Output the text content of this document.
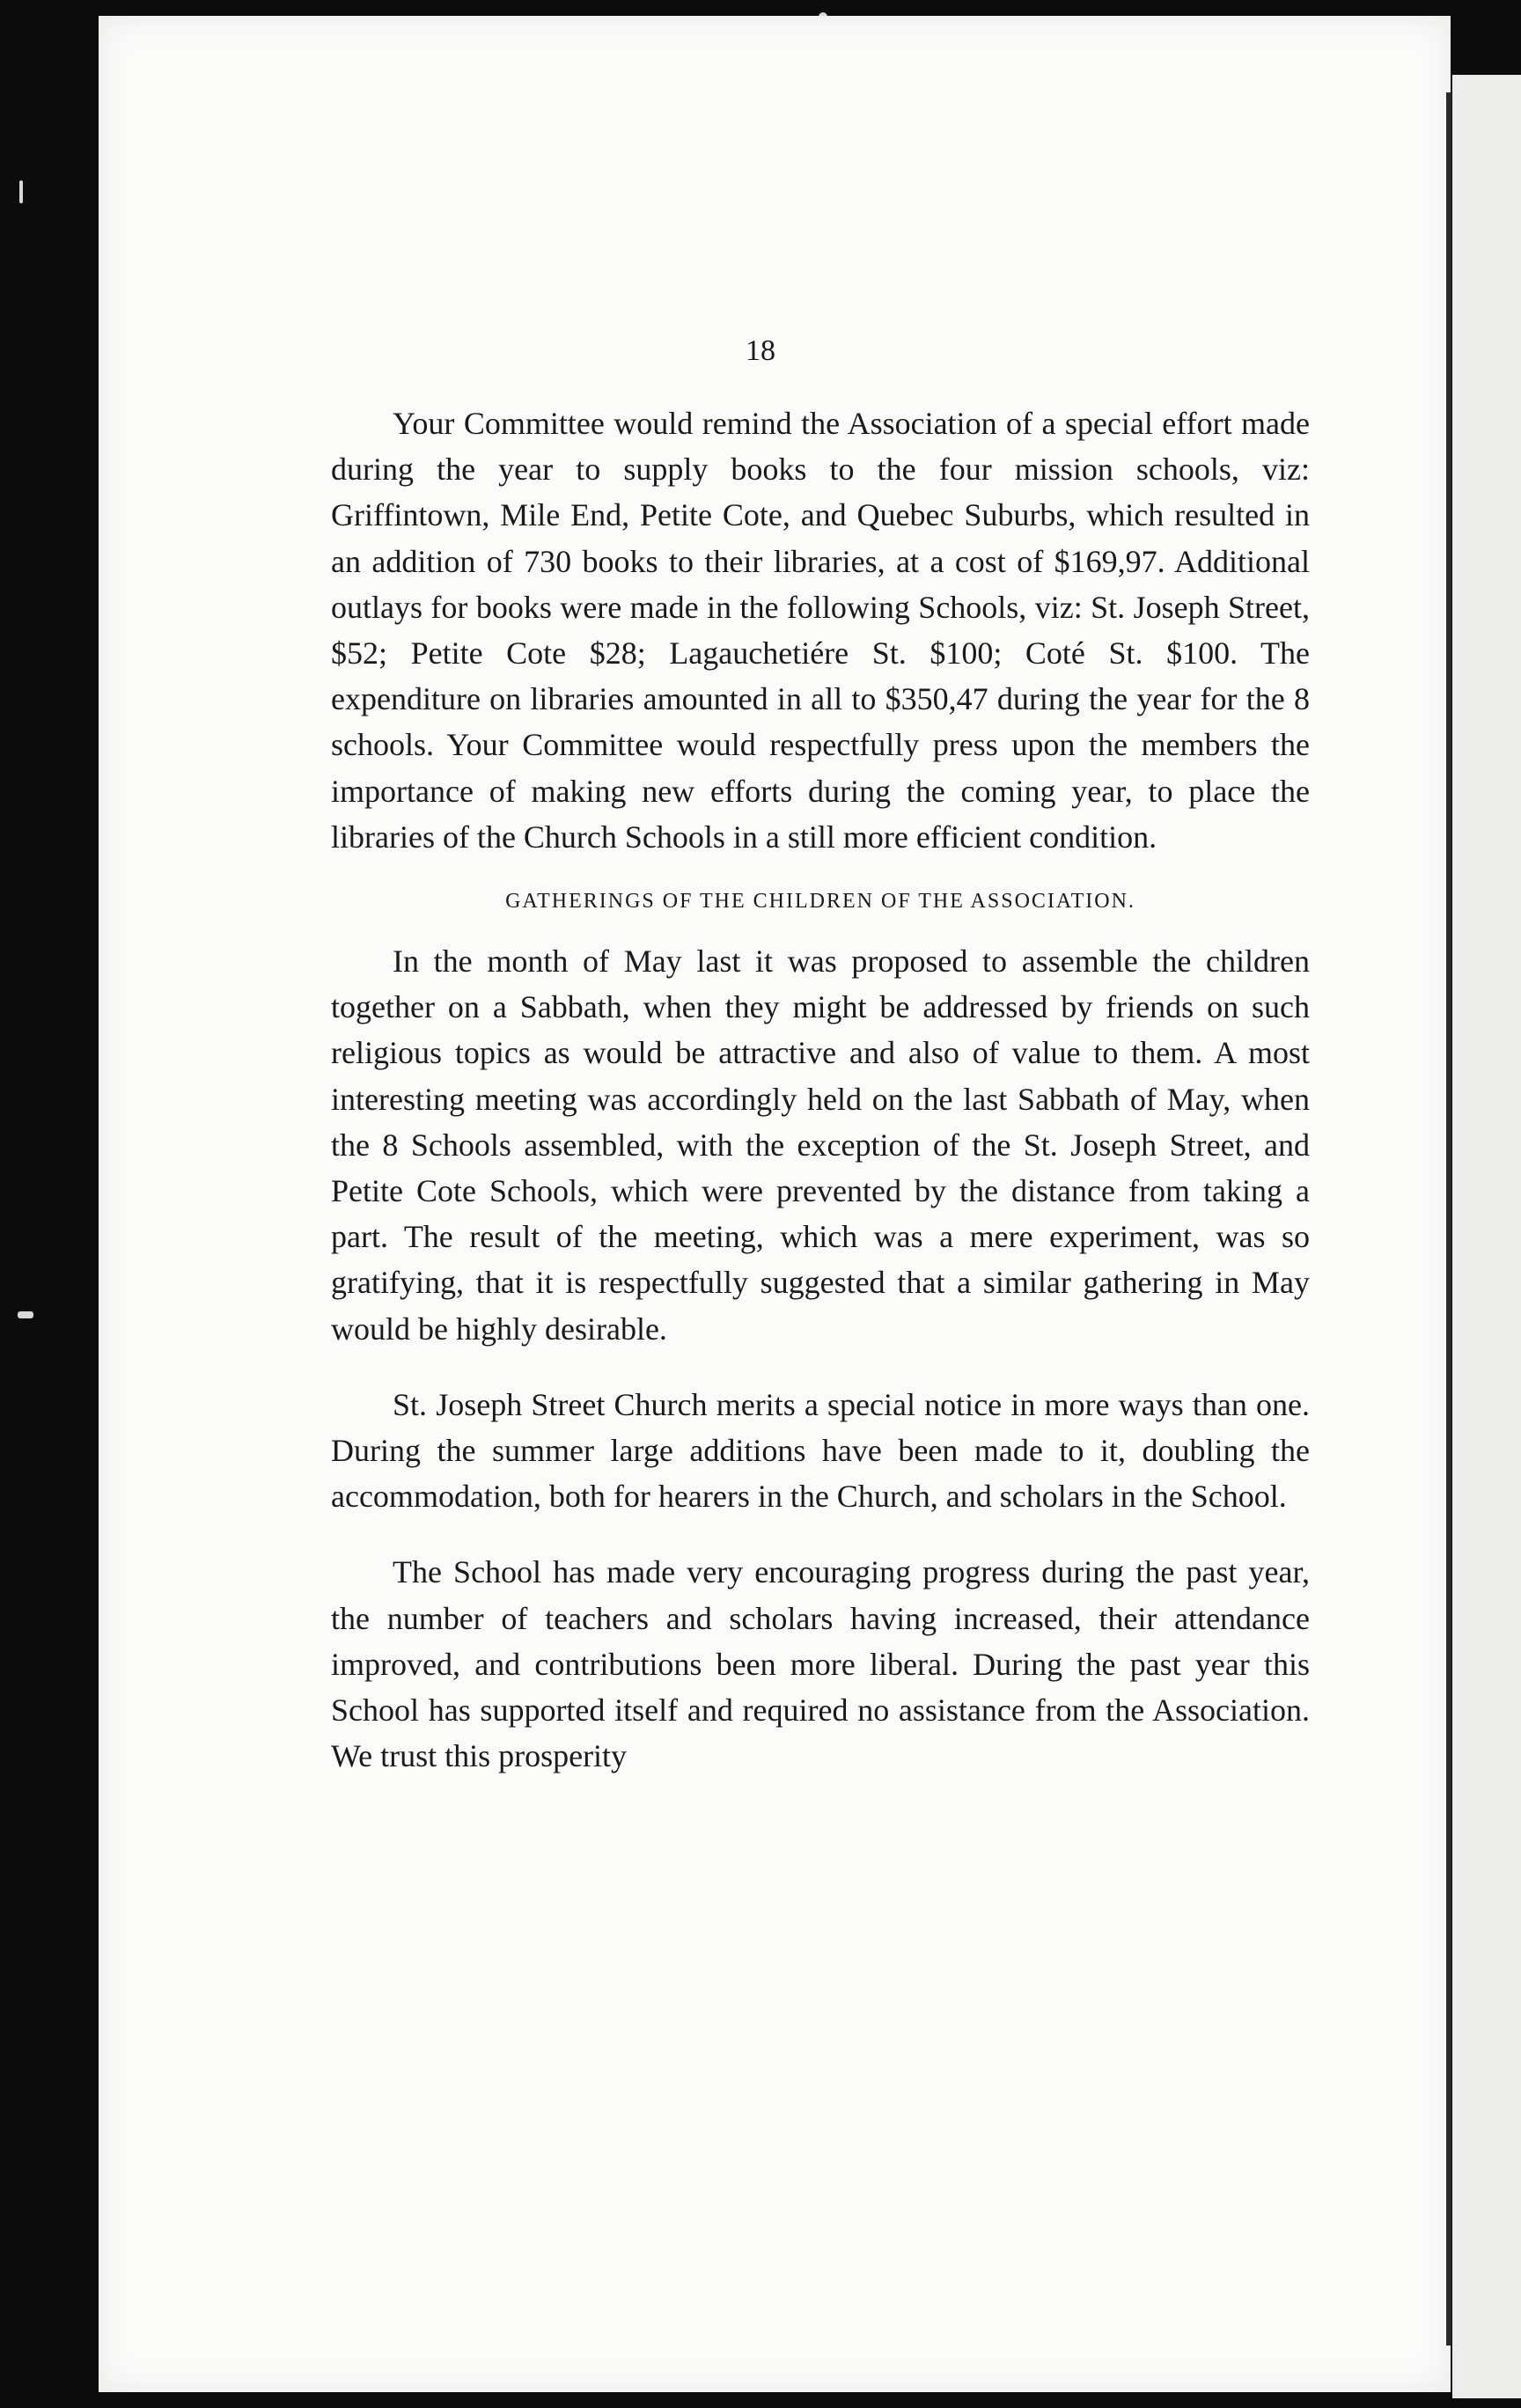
18

Your Committee would remind the Association of a special effort made during the year to supply books to the four mission schools, viz: Griffintown, Mile End, Petite Cote, and Quebec Suburbs, which resulted in an addition of 730 books to their libraries, at a cost of $169,97. Additional outlays for books were made in the following Schools, viz: St. Joseph Street, $52; Petite Cote $28; Lagauchetiére St. $100; Coté St. $100. The expenditure on libraries amounted in all to $350,47 during the year for the 8 schools. Your Committee would respectfully press upon the members the importance of making new efforts during the coming year, to place the libraries of the Church Schools in a still more efficient condition.

GATHERINGS OF THE CHILDREN OF THE ASSOCIATION.

In the month of May last it was proposed to assemble the children together on a Sabbath, when they might be addressed by friends on such religious topics as would be attractive and also of value to them. A most interesting meeting was accordingly held on the last Sabbath of May, when the 8 Schools assembled, with the exception of the St. Joseph Street, and Petite Cote Schools, which were prevented by the distance from taking a part. The result of the meeting, which was a mere experiment, was so gratifying, that it is respectfully suggested that a similar gathering in May would be highly desirable.

St. Joseph Street Church merits a special notice in more ways than one. During the summer large additions have been made to it, doubling the accommodation, both for hearers in the Church, and scholars in the School.

The School has made very encouraging progress during the past year, the number of teachers and scholars having increased, their attendance improved, and contributions been more liberal. During the past year this School has supported itself and required no assistance from the Association. We trust this prosperity
